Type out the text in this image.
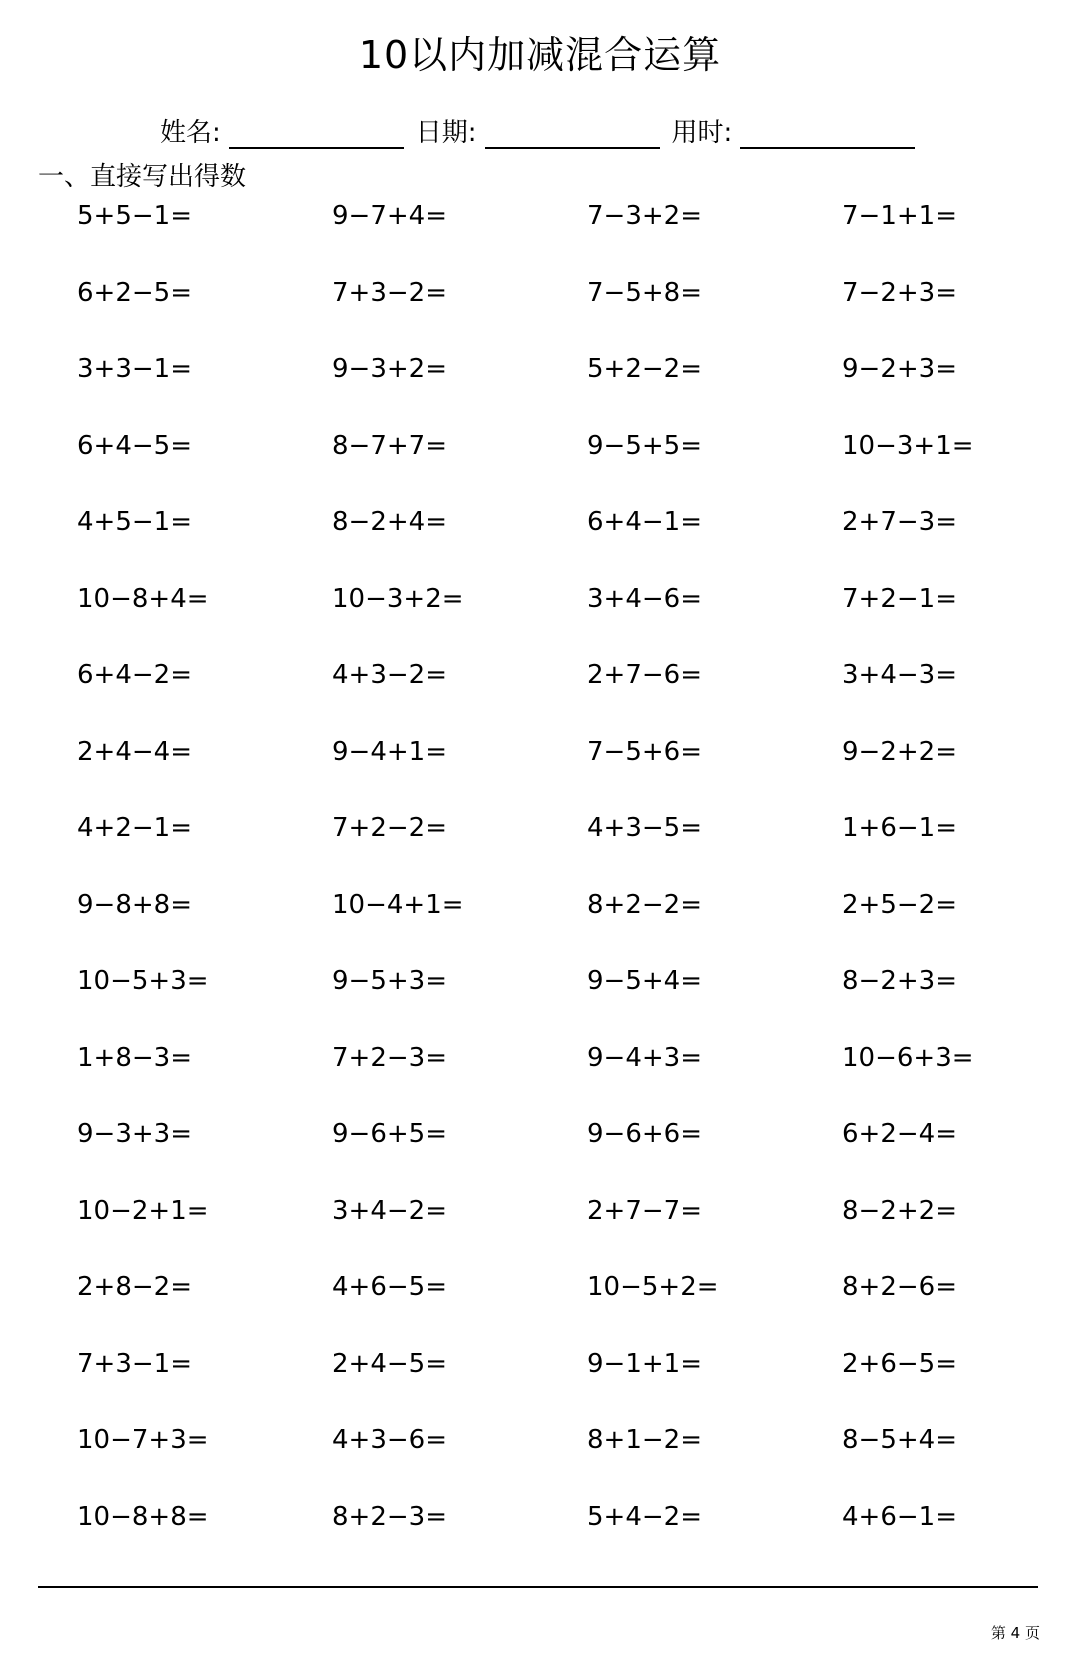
10以内加减混合运算
姓名:	日期:	用时:
一、直接写出得数
5+5−1=	9−7+4=	7−3+2=	7−1+1=
6+2−5=	7+3−2=	7−5+8=	7−2+3=
3+3−1=	9−3+2=	5+2−2=	9−2+3=
6+4−5=	8−7+7=	9−5+5=	10−3+1=
4+5−1=	8−2+4=	6+4−1=	2+7−3=
10−8+4=	10−3+2=	3+4−6=	7+2−1=
6+4−2=	4+3−2=	2+7−6=	3+4−3=
2+4−4=	9−4+1=	7−5+6=	9−2+2=
4+2−1=	7+2−2=	4+3−5=	1+6−1=
9−8+8=	10−4+1=	8+2−2=	2+5−2=
10−5+3=	9−5+3=	9−5+4=	8−2+3=
1+8−3=	7+2−3=	9−4+3=	10−6+3=
9−3+3=	9−6+5=	9−6+6=	6+2−4=
10−2+1=	3+4−2=	2+7−7=	8−2+2=
2+8−2=	4+6−5=	10−5+2=	8+2−6=
7+3−1=	2+4−5=	9−1+1=	2+6−5=
10−7+3=	4+3−6=	8+1−2=	8−5+4=
10−8+8=	8+2−3=	5+4−2=	4+6−1=
第 4 页
